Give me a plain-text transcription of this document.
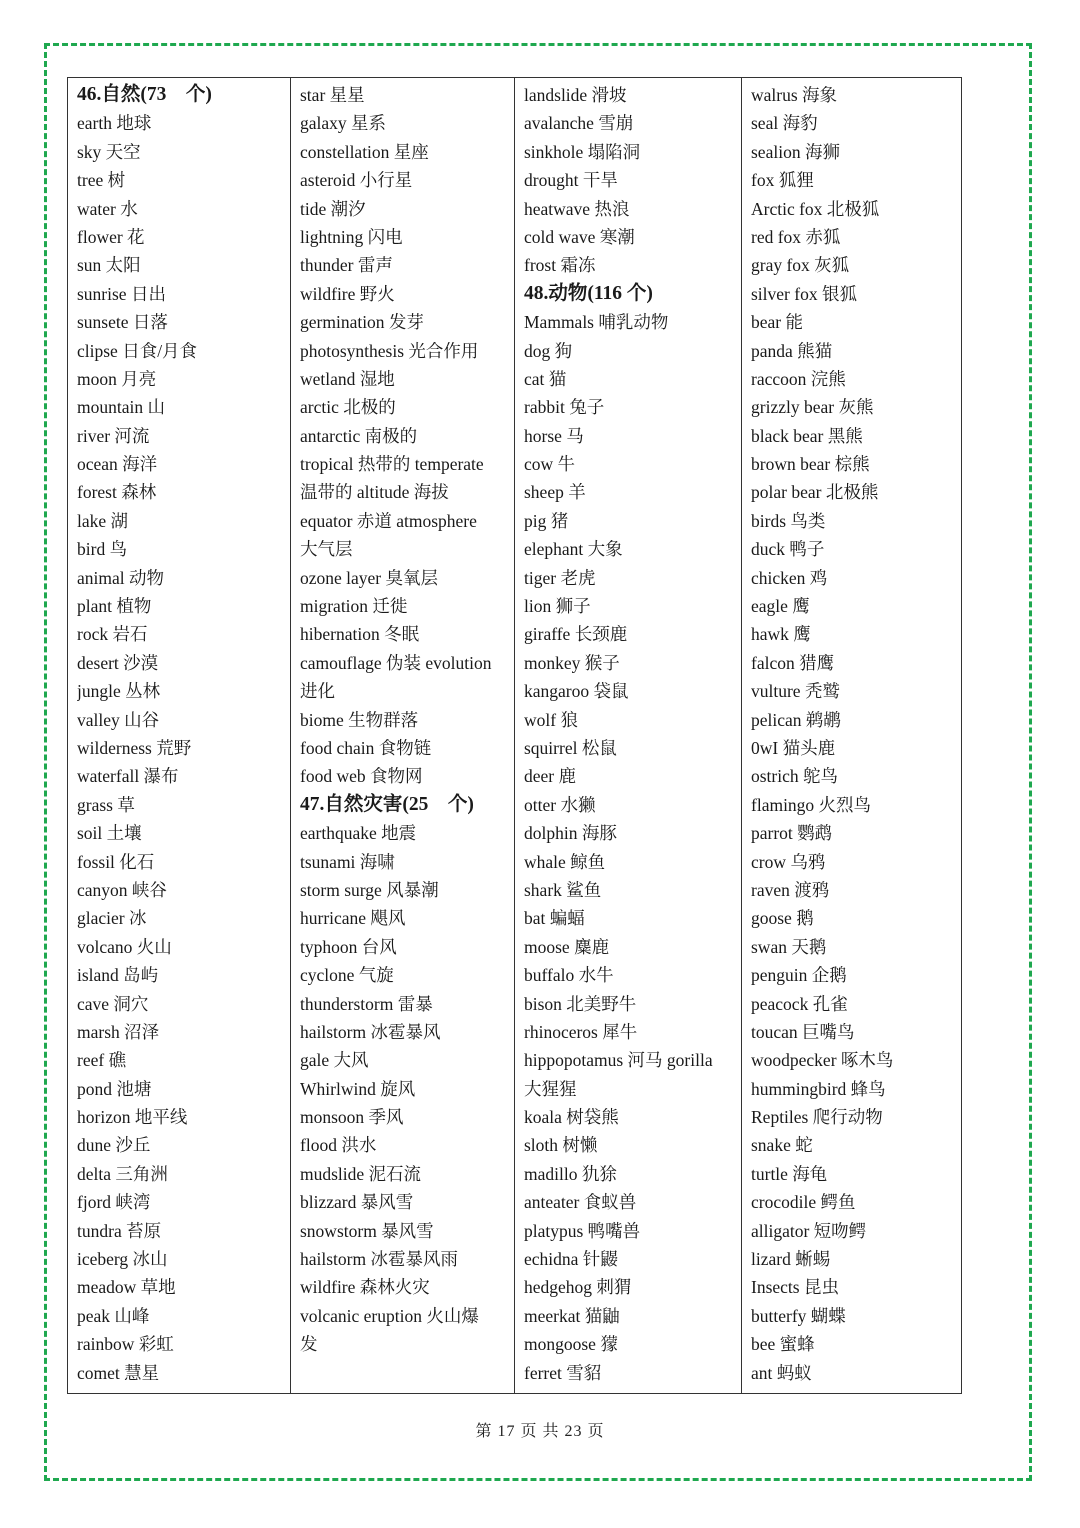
46.自然(73　个)
earth 地球
sky 天空
tree 树
water 水
flower 花
sun 太阳
sunrise 日出
sunsete 日落
clipse 日食/月食
moon 月亮
mountain 山
river 河流
ocean 海洋
forest 森林
lake 湖
bird 鸟
animal 动物
plant 植物
rock 岩石
desert 沙漠
jungle 丛林
valley 山谷
wilderness 荒野
waterfall 瀑布
grass 草
soil 土壤
fossil 化石
canyon 峡谷
glacier 冰
volcano 火山
island 岛屿
cave 洞穴
marsh 沼泽
reef 礁
pond 池塘
horizon 地平线
dune 沙丘
delta 三角洲
fjord 峡湾
tundra 苔原
iceberg 冰山
meadow 草地
peak 山峰
rainbow 彩虹
comet 慧星
star 星星
galaxy 星系
constellation 星座
asteroid 小行星
tide 潮汐
lightning 闪电
thunder 雷声
wildfire 野火
germination 发芽
photosynthesis 光合作用
wetland 湿地
arctic 北极的
antarctic 南极的
tropical 热带的 temperate
温带的 altitude 海拔
equator 赤道 atmosphere
大气层
ozone layer 臭氧层
migration 迁徙
hibernation 冬眠
camouflage 伪装 evolution
进化
biome 生物群落
food chain 食物链
food web 食物网
47.自然灾害(25　个)
earthquake 地震
tsunami 海啸
storm surge 风暴潮
hurricane 飓风
typhoon 台风
cyclone 气旋
thunderstorm 雷暴
hailstorm 冰雹暴风
gale 大风
Whirlwind 旋风
monsoon 季风
flood 洪水
mudslide 泥石流
blizzard 暴风雪
snowstorm 暴风雪
hailstorm 冰雹暴风雨
wildfire 森林火灾
volcanic eruption 火山爆
发
landslide 滑坡
avalanche 雪崩
sinkhole 塌陷洞
drought 干旱
heatwave 热浪
cold wave 寒潮
frost 霜冻
48.动物(116 个)
Mammals 哺乳动物
dog 狗
cat 猫
rabbit 兔子
horse 马
cow 牛
sheep 羊
pig 猪
elephant 大象
tiger 老虎
lion 狮子
giraffe 长颈鹿
monkey 猴子
kangaroo 袋鼠
wolf 狼
squirrel 松鼠
deer 鹿
otter 水獭
dolphin 海豚
whale 鲸鱼
shark 鲨鱼
bat 蝙蝠
moose 麋鹿
buffalo 水牛
bison 北美野牛
rhinoceros 犀牛
hippopotamus 河马 gorilla
大猩猩
koala 树袋熊
sloth 树懒
madillo 犰狳
anteater 食蚁兽
platypus 鸭嘴兽
echidna 针鼹
hedgehog 刺猬
meerkat 猫鼬
mongoose 獴
ferret 雪貂
walrus 海象
seal 海豹
sealion 海狮
fox 狐狸
Arctic fox 北极狐
red fox 赤狐
gray fox 灰狐
silver fox 银狐
bear 能
panda 熊猫
raccoon 浣熊
grizzly bear 灰熊
black bear 黑熊
brown bear 棕熊
polar bear 北极熊
birds 鸟类
duck 鸭子
chicken 鸡
eagle 鹰
hawk 鹰
falcon 猎鹰
vulture 秃鹫
pelican 鹈鹕
0wI 猫头鹿
ostrich 鸵鸟
flamingo 火烈鸟
parrot 鹦鹉
crow 乌鸦
raven 渡鸦
goose 鹅
swan 天鹅
penguin 企鹅
peacock 孔雀
toucan 巨嘴鸟
woodpecker 啄木鸟
hummingbird 蜂鸟
Reptiles 爬行动物
snake 蛇
turtle 海龟
crocodile 鳄鱼
alligator 短吻鳄
lizard 蜥蜴
Insects 昆虫
butterfy 蝴蝶
bee 蜜蜂
ant 蚂蚁
第 17 页 共 23 页
